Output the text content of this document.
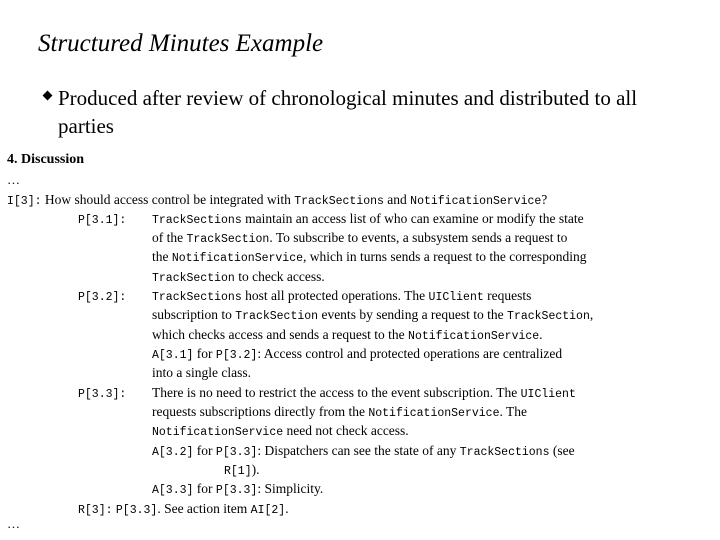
Structured Minutes Example
Produced after review of chronological minutes and distributed to all parties
4. Discussion
…
…
I[3]: How should access control be integrated with TrackSections and NotificationService?
P[3.1]: TrackSections maintain an access list of who can examine or modify the state
of the TrackSection. To subscribe to events, a subsystem sends a request to
the NotificationService, which in turns sends a request to the corresponding
TrackSection to check access.
P[3.2]: TrackSections host all protected operations. The UIClient requests
subscription to TrackSection events by sending a request to the TrackSection,
which checks access and sends a request to the NotificationService.
A[3.1] for P[3.2]: Access control and protected operations are centralized
into a single class.
P[3.3]: There is no need to restrict the access to the event subscription. The UIClient
requests subscriptions directly from the NotificationService. The
NotificationService need not check access.
A[3.2] for P[3.3]: Dispatchers can see the state of any TrackSections (see
R[1]).
A[3.3] for P[3.3]: Simplicity.
R[3]: P[3.3]. See action item AI[2].
